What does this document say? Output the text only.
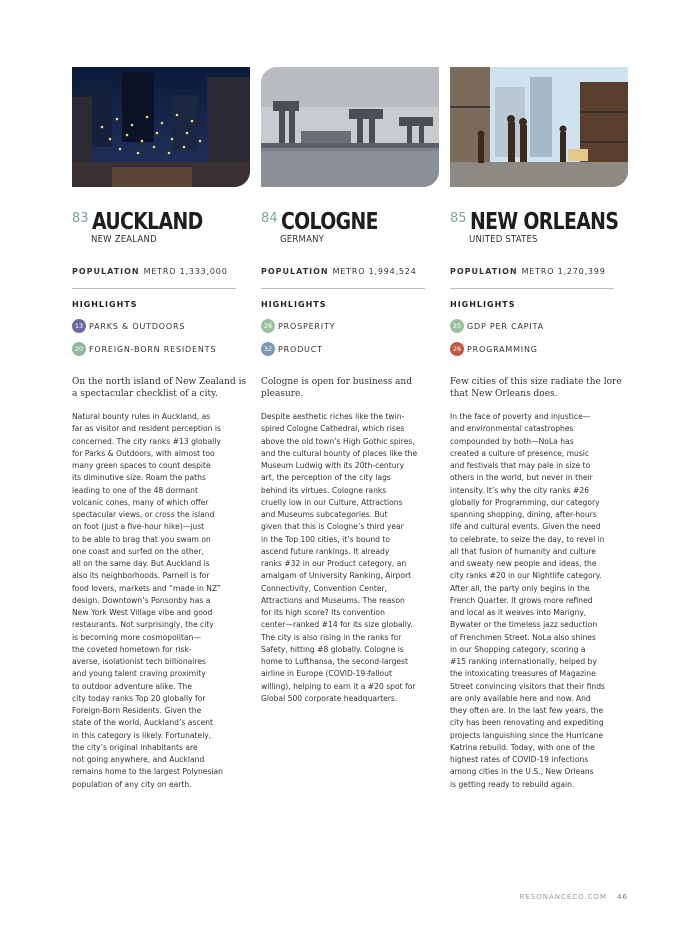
83 AUCKLAND
NEW ZEALAND
POPULATION METRO 1,333,000
HIGHLIGHTS
13 PARKS & OUTDOORS
20 FOREIGN-BORN RESIDENTS
On the north island of New Zealand is a spectacular checklist of a city.
Natural bounty rules in Auckland, as
far as visitor and resident perception is
concerned. The city ranks #13 globally
for Parks & Outdoors, with almost too
many green spaces to count despite
its diminutive size. Roam the paths
leading to one of the 48 dormant
volcanic cones, many of which offer
spectacular views, or cross the island
on foot (just a five-hour hike)—just
to be able to brag that you swam on
one coast and surfed on the other,
all on the same day. But Auckland is
also its neighborhoods. Parnell is for
food lovers, markets and “made in NZ”
design. Downtown’s Ponsonby has a
New York West Village vibe and good
restaurants. Not surprisingly, the city
is becoming more cosmopolitan—
the coveted hometown for risk-
averse, isolationist tech billionaires
and young talent craving proximity
to outdoor adventure alike. The
city today ranks Top 20 globally for
Foreign-Born Residents. Given the
state of the world, Auckland’s ascent
in this category is likely. Fortunately,
the city’s original inhabitants are
not going anywhere, and Auckland
remains home to the largest Polynesian
population of any city on earth.
84 COLOGNE
GERMANY
POPULATION METRO 1,994,524
HIGHLIGHTS
28 PROSPERITY
32 PRODUCT
Cologne is open for business and pleasure.
Despite aesthetic riches like the twin-
spired Cologne Cathedral, which rises
above the old town’s High Gothic spires,
and the cultural bounty of places like the
Museum Ludwig with its 20th-century
art, the perception of the city lags
behind its virtues. Cologne ranks
cruelly low in our Culture, Attractions
and Museums subcategories. But
given that this is Cologne’s third year
in the Top 100 cities, it’s bound to
ascend future rankings. It already
ranks #32 in our Product category, an
amalgam of University Ranking, Airport
Connectivity, Convention Center,
Attractions and Museums. The reason
for its high score? Its convention
center—ranked #14 for its size globally.
The city is also rising in the ranks for
Safety, hitting #8 globally. Cologne is
home to Lufthansa, the second-largest
airline in Europe (COVID-19-fallout
willing), helping to earn it a #20 spot for
Global 500 corporate headquarters.
85 NEW ORLEANS
UNITED STATES
POPULATION METRO 1,270,399
HIGHLIGHTS
25 GDP PER CAPITA
26 PROGRAMMING
Few cities of this size radiate the lore that New Orleans does.
In the face of poverty and injustice—
and environmental catastrophes
compounded by both—NoLa has
created a culture of presence, music
and festivals that may pale in size to
others in the world, but never in their
intensity. It’s why the city ranks #26
globally for Programming, our category
spanning shopping, dining, after-hours
life and cultural events. Given the need
to celebrate, to seize the day, to revel in
all that fusion of humanity and culture
and sweaty new people and ideas, the
city ranks #20 in our Nightlife category.
After all, the party only begins in the
French Quarter. It grows more refined
and local as it weaves into Marigny,
Bywater or the timeless jazz seduction
of Frenchmen Street. NoLa also shines
in our Shopping category, scoring a
#15 ranking internationally, helped by
the intoxicating treasures of Magazine
Street convincing visitors that their finds
are only available here and now. And
they often are. In the last few years, the
city has been renovating and expediting
projects languishing since the Hurricane
Katrina rebuild. Today, with one of the
highest rates of COVID-19 infections
among cities in the U.S., New Orleans
is getting ready to rebuild again.
RESONANCECO.COM 46
